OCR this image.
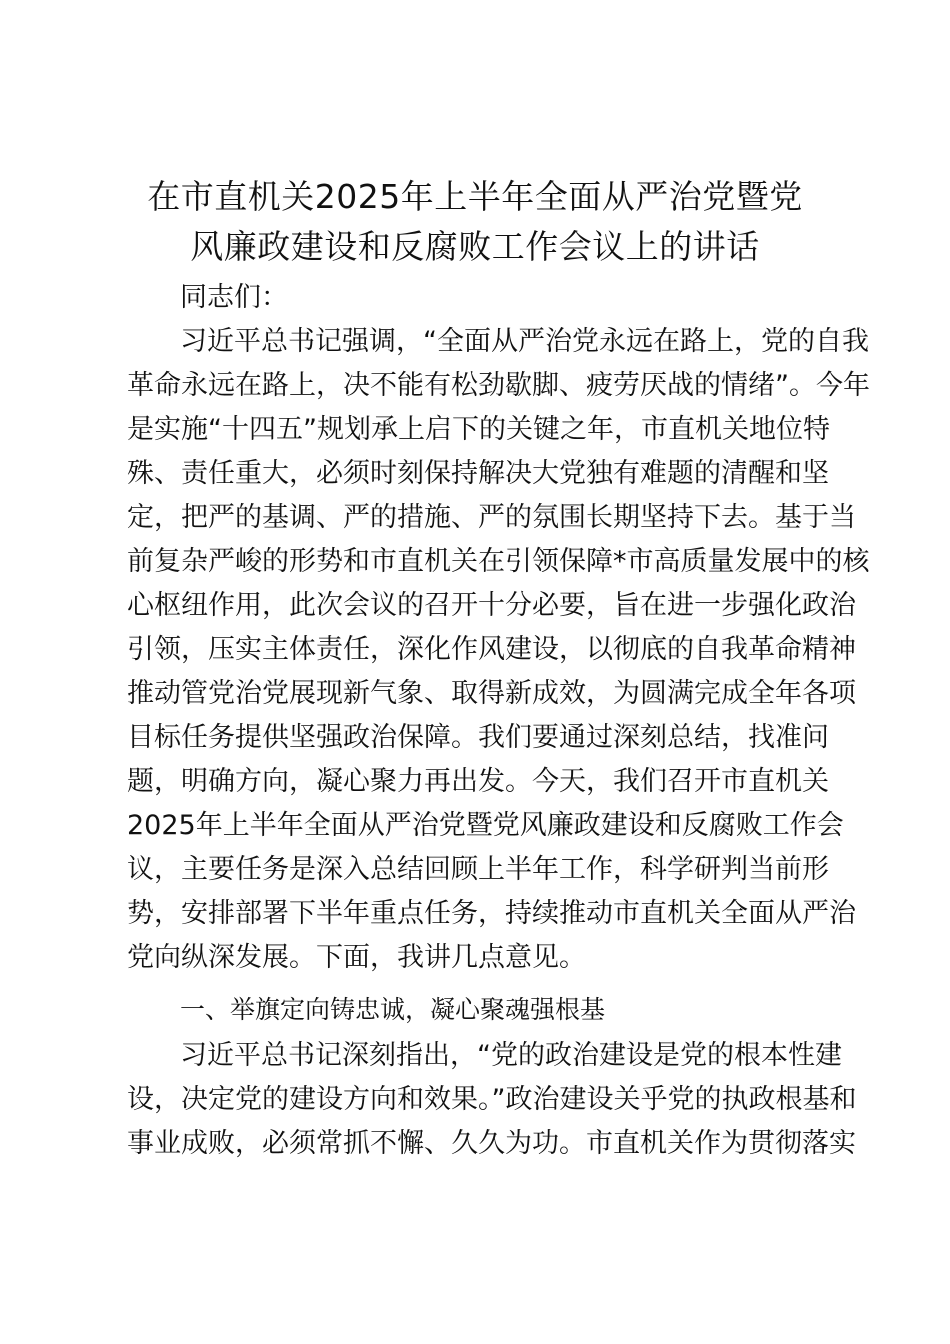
在市直机关2025年上半年全面从严治党暨党
风廉政建设和反腐败工作会议上的讲话
同志们：
习近平总书记强调，“全面从严治党永远在路上，党的自我
革命永远在路上，决不能有松劲歇脚、疲劳厌战的情绪”。今年
是实施“十四五”规划承上启下的关键之年，市直机关地位特
殊、责任重大，必须时刻保持解决大党独有难题的清醒和坚
定，把严的基调、严的措施、严的氛围长期坚持下去。基于当
前复杂严峻的形势和市直机关在引领保障*市高质量发展中的核
心枢纽作用，此次会议的召开十分必要，旨在进一步强化政治
引领，压实主体责任，深化作风建设，以彻底的自我革命精神
推动管党治党展现新气象、取得新成效，为圆满完成全年各项
目标任务提供坚强政治保障。我们要通过深刻总结，找准问
题，明确方向，凝心聚力再出发。今天，我们召开市直机关
2025年上半年全面从严治党暨党风廉政建设和反腐败工作会
议，主要任务是深入总结回顾上半年工作，科学研判当前形
势，安排部署下半年重点任务，持续推动市直机关全面从严治
党向纵深发展。下面，我讲几点意见。
一、举旗定向铸忠诚，凝心聚魂强根基
习近平总书记深刻指出，“党的政治建设是党的根本性建
设，决定党的建设方向和效果。”政治建设关乎党的执政根基和
事业成败，必须常抓不懈、久久为功。市直机关作为贯彻落实
